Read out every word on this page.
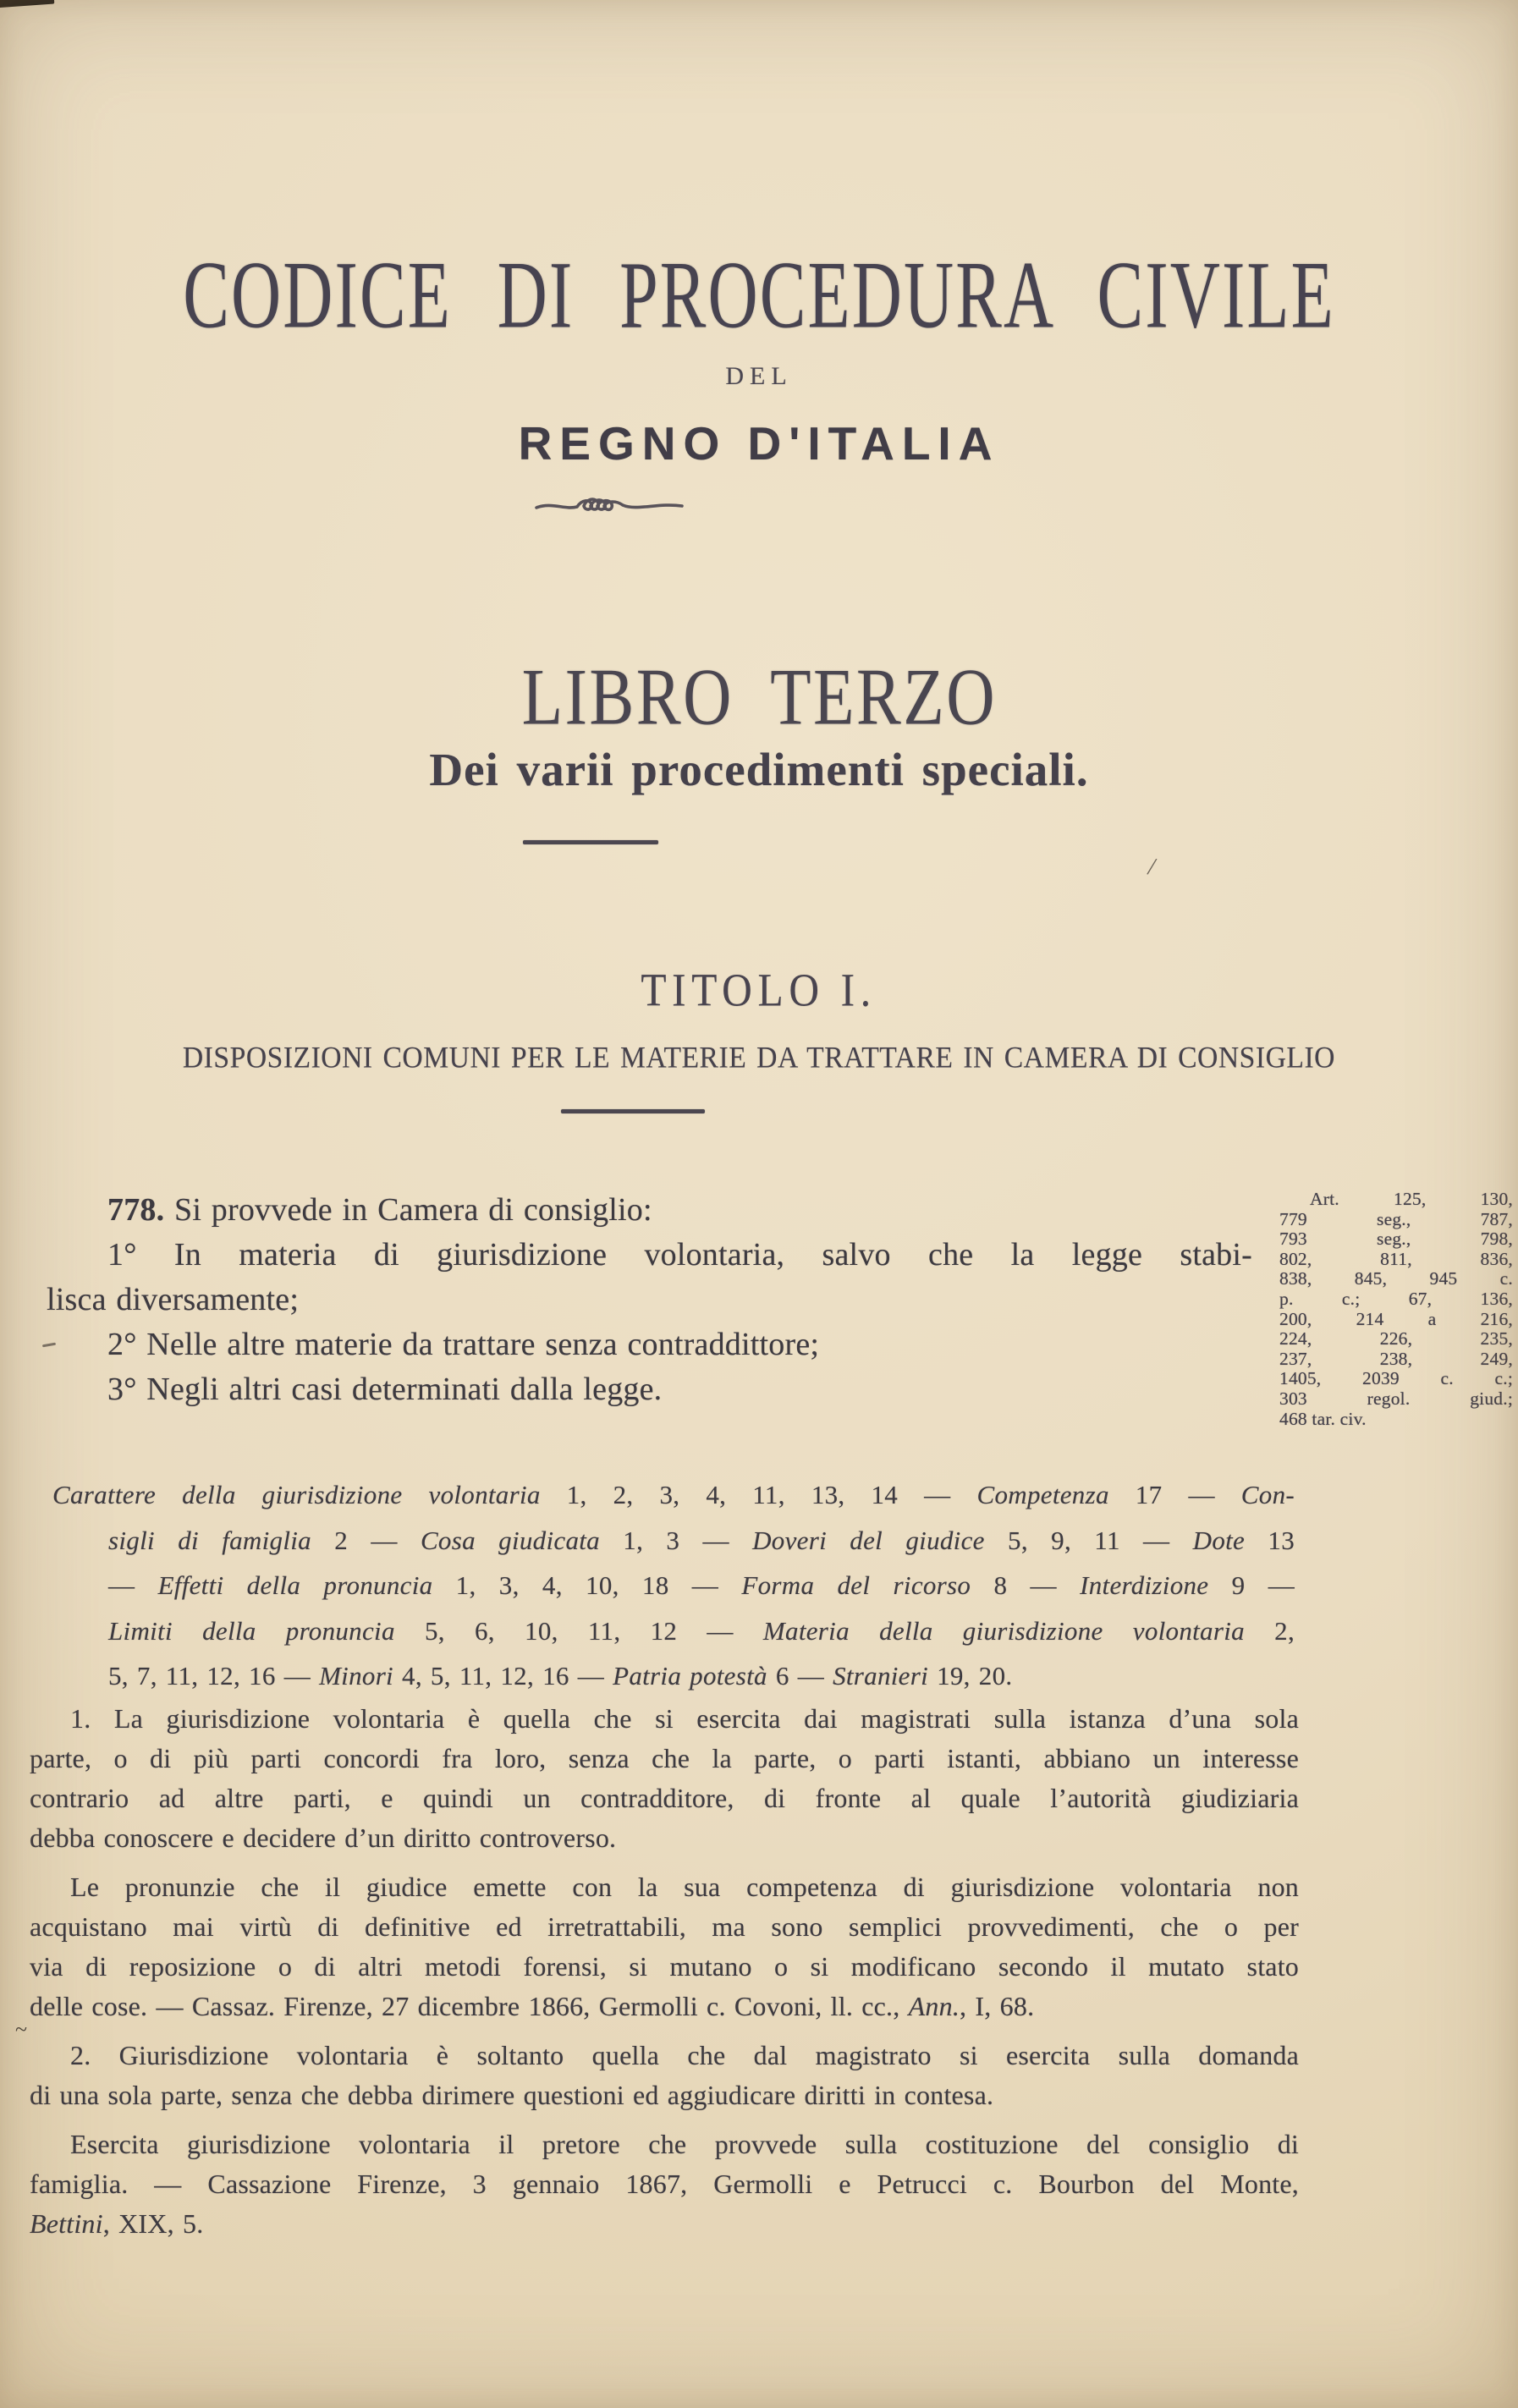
CODICE DI PROCEDURA CIVILE
DEL
REGNO D'ITALIA
LIBRO TERZO
Dei varii procedimenti speciali.
TITOLO I.
DISPOSIZIONI COMUNI PER LE MATERIE DA TRATTARE IN CAMERA DI CONSIGLIO
778. Si provvede in Camera di consiglio:
1° In materia di giurisdizione volontaria, salvo che la legge stabi-
lisca diversamente;
2° Nelle altre materie da trattare senza contraddittore;
3° Negli altri casi determinati dalla legge.
Art. 125, 130,
779 seg., 787,
793 seg., 798,
802, 811, 836,
838, 845, 945 c.
p. c.; 67, 136,
200, 214 a 216,
224, 226, 235,
237, 238, 249,
1405, 2039 c. c.;
303 regol. giud.;
468 tar. civ.
Carattere della giurisdizione volontaria 1, 2, 3, 4, 11, 13, 14 — Competenza 17 — Con-
sigli di famiglia 2 — Cosa giudicata 1, 3 — Doveri del giudice 5, 9, 11 — Dote 13
— Effetti della pronuncia 1, 3, 4, 10, 18 — Forma del ricorso 8 — Interdizione 9 —
Limiti della pronuncia 5, 6, 10, 11, 12 — Materia della giurisdizione volontaria 2,
5, 7, 11, 12, 16 — Minori 4, 5, 11, 12, 16 — Patria potestà 6 — Stranieri 19, 20.
1. La giurisdizione volontaria è quella che si esercita dai magistrati sulla istanza d’una sola
parte, o di più parti concordi fra loro, senza che la parte, o parti istanti, abbiano un interesse
contrario ad altre parti, e quindi un contradditore, di fronte al quale l’autorità giudiziaria
debba conoscere e decidere d’un diritto controverso.
Le pronunzie che il giudice emette con la sua competenza di giurisdizione volontaria non
acquistano mai virtù di definitive ed irretrattabili, ma sono semplici provvedimenti, che o per
via di reposizione o di altri metodi forensi, si mutano o si modificano secondo il mutato stato
delle cose. — Cassaz. Firenze, 27 dicembre 1866, Germolli c. Covoni, ll. cc., Ann., I, 68.
2. Giurisdizione volontaria è soltanto quella che dal magistrato si esercita sulla domanda
di una sola parte, senza che debba dirimere questioni ed aggiudicare diritti in contesa.
Esercita giurisdizione volontaria il pretore che provvede sulla costituzione del consiglio di
famiglia. — Cassazione Firenze, 3 gennaio 1867, Germolli e Petrucci c. Bourbon del Monte,
Bettini, XIX, 5.
/
~
